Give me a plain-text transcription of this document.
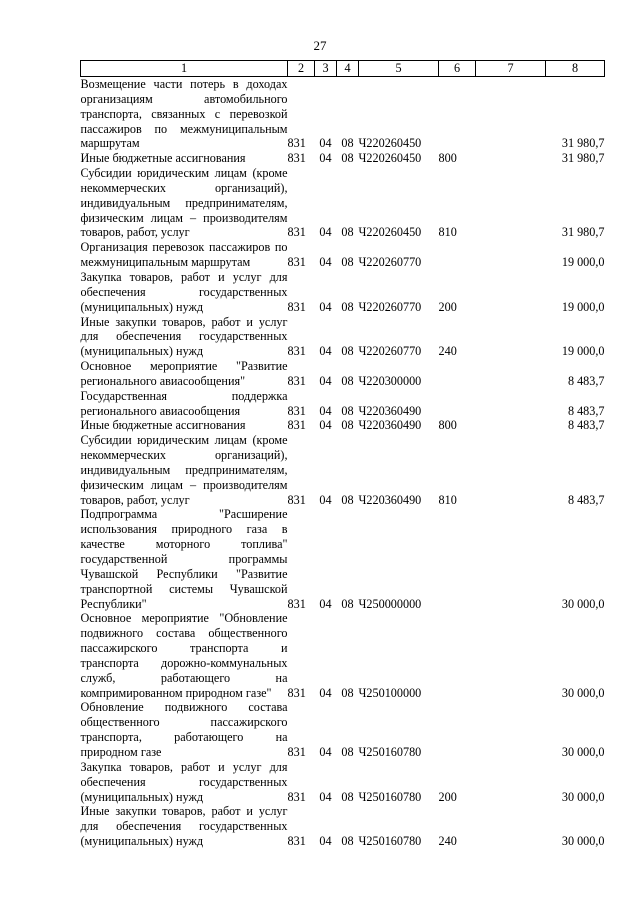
27
1	2	3	4	5	6	7	8
Возмещение части потерь в доходах организациям автомобильного транспорта, связанных с перевозкой пассажиров по межмуниципальным маршрутам	831	04	08	Ч220260450			31 980,7
Иные бюджетные ассигнования	831	04	08	Ч220260450	800		31 980,7
Субсидии юридическим лицам (кроме некоммерческих организаций), индивидуальным предпринимателям, физическим лицам – производителям товаров, работ, услуг	831	04	08	Ч220260450	810		31 980,7
Организация перевозок пассажиров по межмуниципальным маршрутам	831	04	08	Ч220260770			19 000,0
Закупка товаров, работ и услуг для обеспечения государственных (муниципальных) нужд	831	04	08	Ч220260770	200		19 000,0
Иные закупки товаров, работ и услуг для обеспечения государственных (муниципальных) нужд	831	04	08	Ч220260770	240		19 000,0
Основное мероприятие "Развитие регионального авиасообщения"	831	04	08	Ч220300000			8 483,7
Государственная поддержка регионального авиасообщения	831	04	08	Ч220360490			8 483,7
Иные бюджетные ассигнования	831	04	08	Ч220360490	800		8 483,7
Субсидии юридическим лицам (кроме некоммерческих организаций), индивидуальным предпринимателям, физическим лицам – производителям товаров, работ, услуг	831	04	08	Ч220360490	810		8 483,7
Подпрограмма "Расширение использования природного газа в качестве моторного топлива" государственной программы Чувашской Республики "Развитие транспортной системы Чувашской Республики"	831	04	08	Ч250000000			30 000,0
Основное мероприятие "Обновление подвижного состава общественного пассажирского транспорта и транспорта дорожно-коммунальных служб, работающего на компримированном природном газе"	831	04	08	Ч250100000			30 000,0
Обновление подвижного состава общественного пассажирского транспорта, работающего на природном газе	831	04	08	Ч250160780			30 000,0
Закупка товаров, работ и услуг для обеспечения государственных (муниципальных) нужд	831	04	08	Ч250160780	200		30 000,0
Иные закупки товаров, работ и услуг для обеспечения государственных (муниципальных) нужд	831	04	08	Ч250160780	240		30 000,0
